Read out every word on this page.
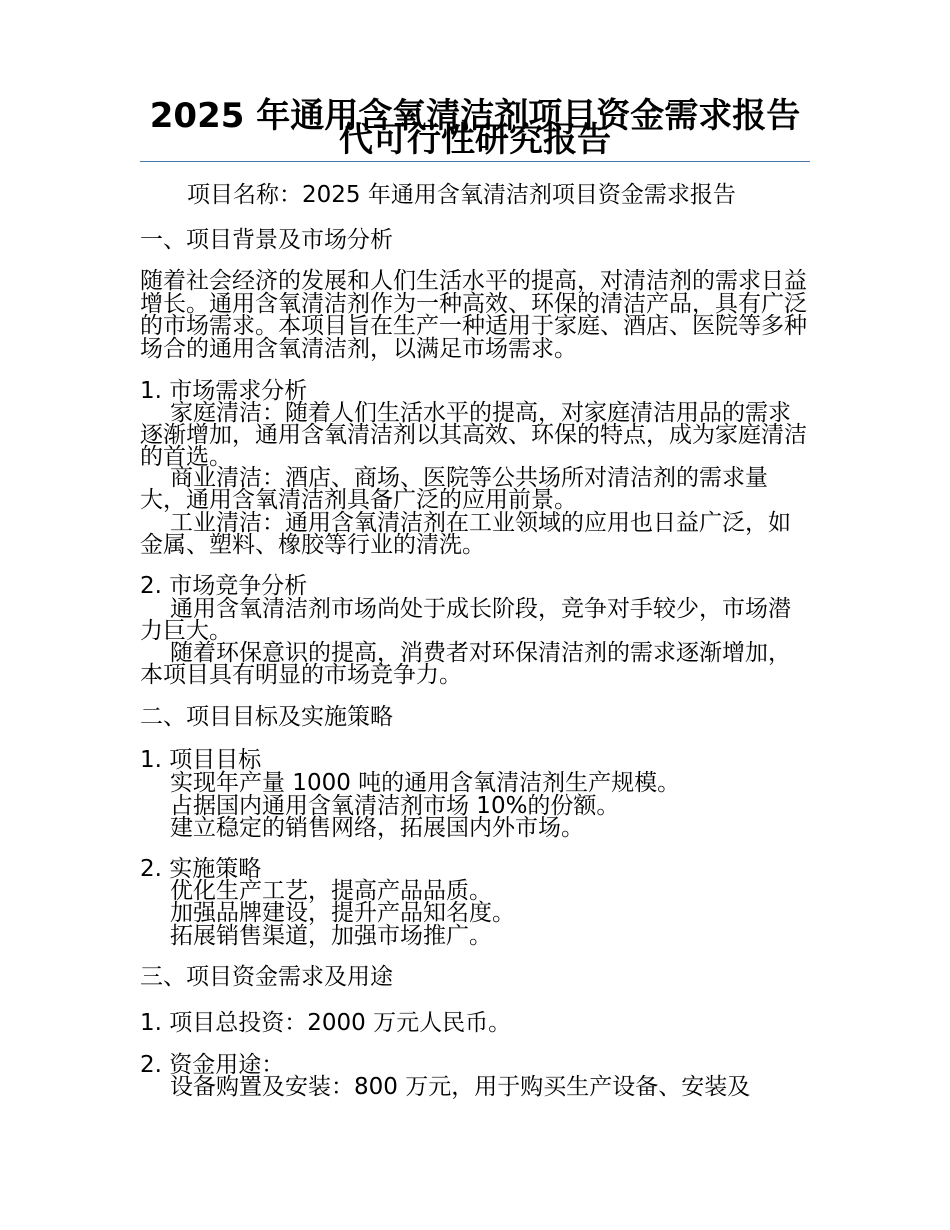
2025 年通用含氧清洁剂项目资金需求报告代可行性研究报告
项目名称：2025 年通用含氧清洁剂项目资金需求报告
一、项目背景及市场分析
随着社会经济的发展和人们生活水平的提高，对清洁剂的需求日益增长。通用含氧清洁剂作为一种高效、环保的清洁产品，具有广泛的市场需求。本项目旨在生产一种适用于家庭、酒店、医院等多种场合的通用含氧清洁剂，以满足市场需求。
1. 市场需求分析
家庭清洁：随着人们生活水平的提高，对家庭清洁用品的需求逐渐增加，通用含氧清洁剂以其高效、环保的特点，成为家庭清洁的首选。
商业清洁：酒店、商场、医院等公共场所对清洁剂的需求量大，通用含氧清洁剂具备广泛的应用前景。
工业清洁：通用含氧清洁剂在工业领域的应用也日益广泛，如金属、塑料、橡胶等行业的清洗。
2. 市场竞争分析
通用含氧清洁剂市场尚处于成长阶段，竞争对手较少，市场潜力巨大。
随着环保意识的提高，消费者对环保清洁剂的需求逐渐增加，本项目具有明显的市场竞争力。
二、项目目标及实施策略
1. 项目目标
实现年产量 1000 吨的通用含氧清洁剂生产规模。
占据国内通用含氧清洁剂市场 10%的份额。
建立稳定的销售网络，拓展国内外市场。
2. 实施策略
优化生产工艺，提高产品品质。
加强品牌建设，提升产品知名度。
拓展销售渠道，加强市场推广。
三、项目资金需求及用途
1. 项目总投资：2000 万元人民币。
2. 资金用途：
设备购置及安装：800 万元，用于购买生产设备、安装及
